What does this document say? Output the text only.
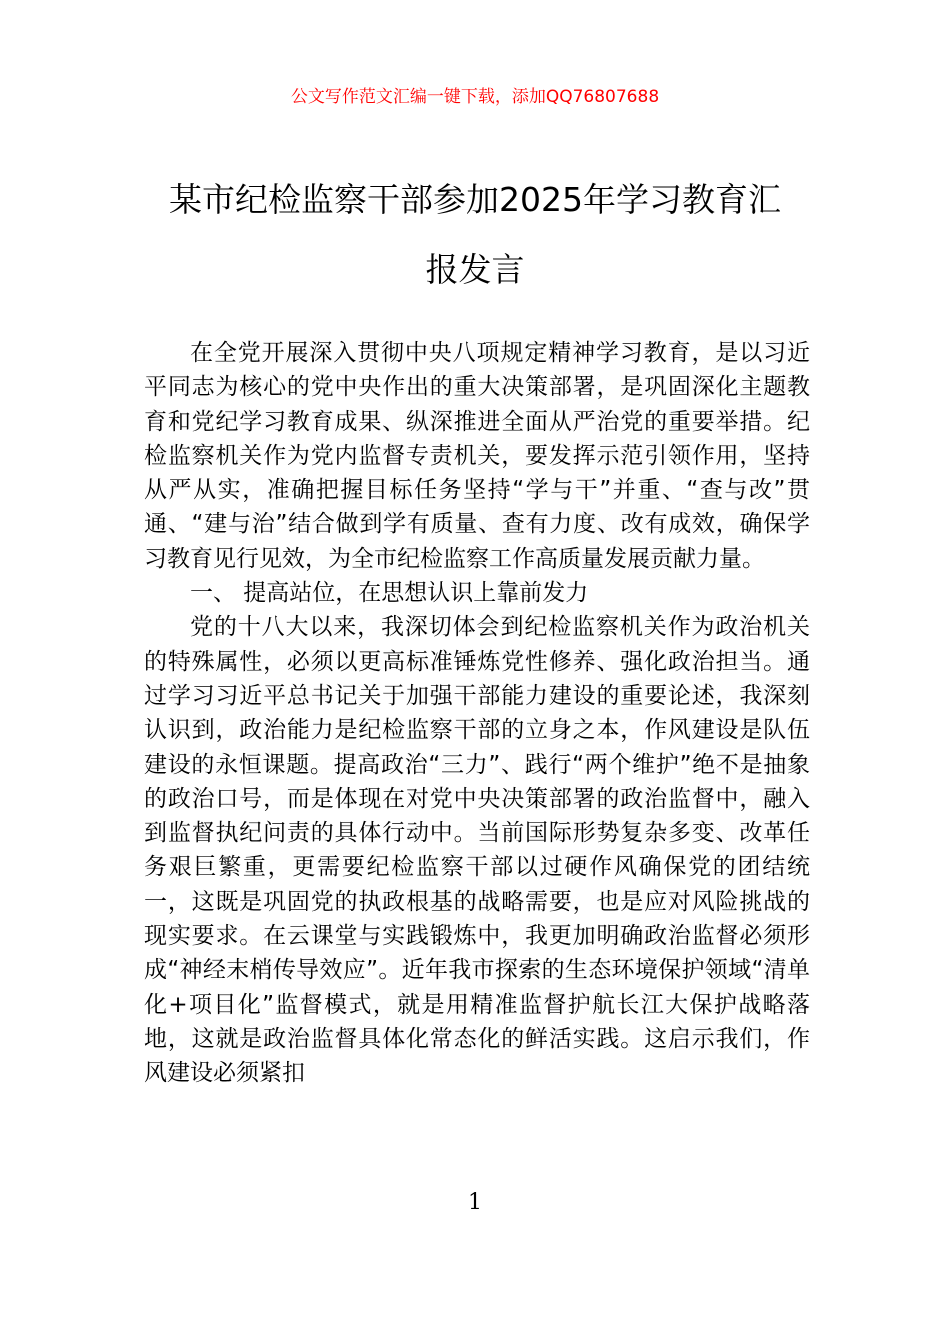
公文写作范文汇编一键下载，添加QQ76807688
某市纪检监察干部参加2025年学习教育汇
报发言

在全党开展深入贯彻中央八项规定精神学习教育，是以习近平同志为核心的党中央作出的重大决策部署，是巩固深化主题教育和党纪学习教育成果、纵深推进全面从严治党的重要举措。纪检监察机关作为党内监督专责机关，要发挥示范引领作用，坚持从严从实，准确把握目标任务坚持“学与干”并重、“查与改”贯通、“建与治”结合做到学有质量、查有力度、改有成效，确保学习教育见行见效，为全市纪检监察工作高质量发展贡献力量。

一、 提高站位，在思想认识上靠前发力

党的十八大以来，我深切体会到纪检监察机关作为政治机关的特殊属性，必须以更高标准锤炼党性修养、强化政治担当。通过学习习近平总书记关于加强干部能力建设的重要论述，我深刻认识到，政治能力是纪检监察干部的立身之本，作风建设是队伍建设的永恒课题。提高政治“三力”、践行“两个维护”绝不是抽象的政治口号，而是体现在对党中央决策部署的政治监督中，融入到监督执纪问责的具体行动中。当前国际形势复杂多变、改革任务艰巨繁重，更需要纪检监察干部以过硬作风确保党的团结统一，这既是巩固党的执政根基的战略需要，也是应对风险挑战的现实要求。在云课堂与实践锻炼中，我更加明确政治监督必须形成“神经末梢传导效应”。近年我市探索的生态环境保护领域“清单化+项目化”监督模式，就是用精准监督护航长江大保护战略落地，这就是政治监督具体化常态化的鲜活实践。这启示我们，作风建设必须紧扣

1
